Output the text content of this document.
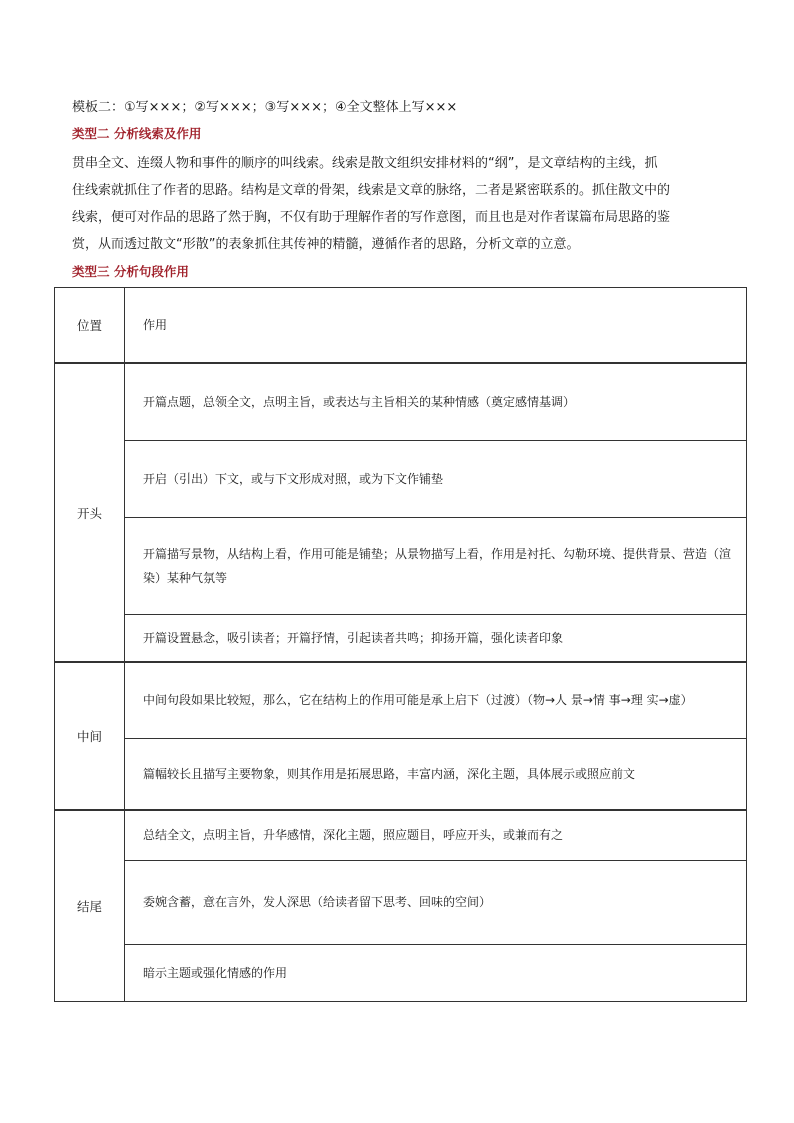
模板二：①写×××；②写×××；③写×××；④全文整体上写×××
类型二 分析线索及作用
贯串全文、连缀人物和事件的顺序的叫线索。线索是散文组织安排材料的“纲”，是文章结构的主线，抓
住线索就抓住了作者的思路。结构是文章的骨架，线索是文章的脉络，二者是紧密联系的。抓住散文中的
线索，便可对作品的思路了然于胸，不仅有助于理解作者的写作意图，而且也是对作者谋篇布局思路的鉴
赏，从而透过散文“形散”的表象抓住其传神的精髓，遵循作者的思路，分析文章的立意。
类型三 分析句段作用
位置	作用
开头	开篇点题，总领全文，点明主旨，或表达与主旨相关的某种情感（奠定感情基调）
	开启（引出）下文，或与下文形成对照，或为下文作铺垫
	开篇描写景物，从结构上看，作用可能是铺垫；从景物描写上看，作用是衬托、勾勒环境、提供背景、营造（渲染）某种气氛等
	开篇设置悬念，吸引读者；开篇抒情，引起读者共鸣；抑扬开篇，强化读者印象
中间	中间句段如果比较短，那么，它在结构上的作用可能是承上启下（过渡）（物→人 景→情 事→理 实→虚）
	篇幅较长且描写主要物象，则其作用是拓展思路，丰富内涵，深化主题，具体展示或照应前文
结尾	总结全文，点明主旨，升华感情，深化主题，照应题目，呼应开头，或兼而有之
	委婉含蓄，意在言外，发人深思（给读者留下思考、回味的空间）
	暗示主题或强化情感的作用
